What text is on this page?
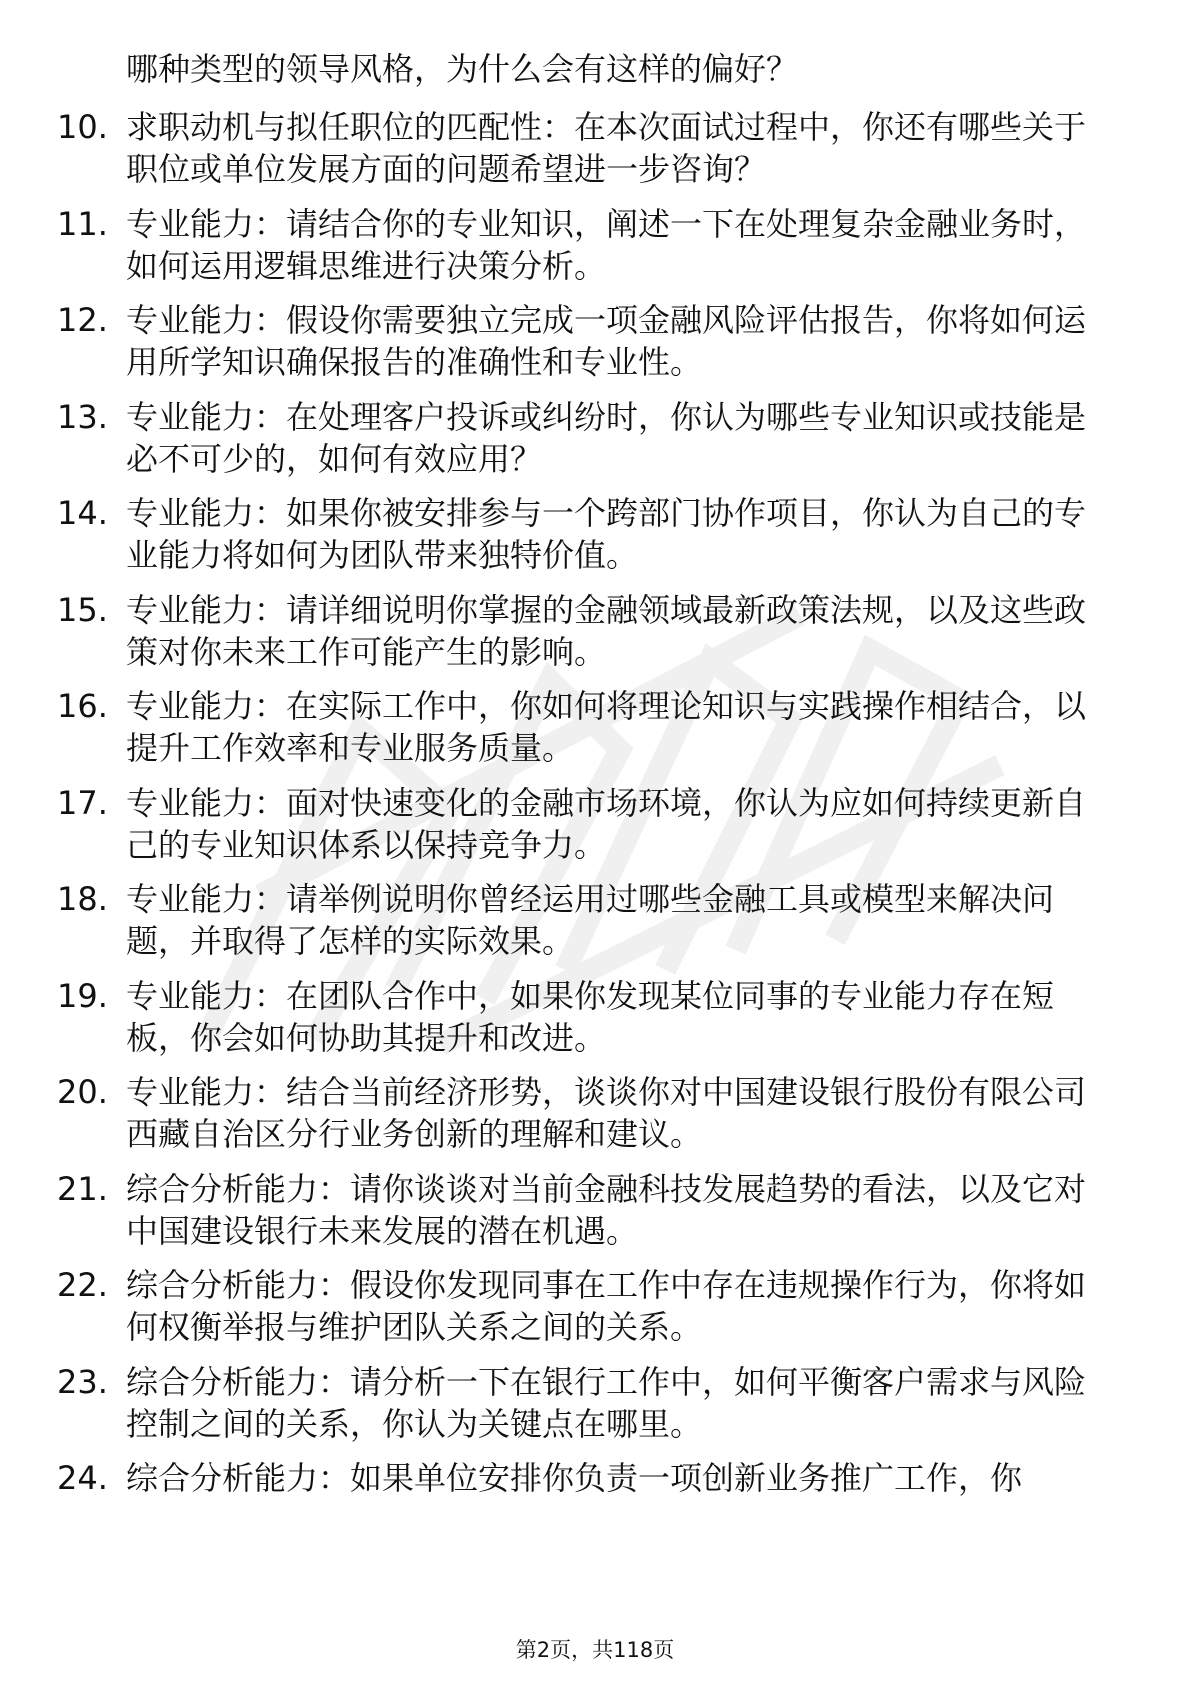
哪种类型的领导风格，为什么会有这样的偏好？

10. 求职动机与拟任职位的匹配性：在本次面试过程中，你还有哪些关于职位或单位发展方面的问题希望进一步咨询？
11. 专业能力：请结合你的专业知识，阐述一下在处理复杂金融业务时，如何运用逻辑思维进行决策分析。
12. 专业能力：假设你需要独立完成一项金融风险评估报告，你将如何运用所学知识确保报告的准确性和专业性。
13. 专业能力：在处理客户投诉或纠纷时，你认为哪些专业知识或技能是必不可少的，如何有效应用？
14. 专业能力：如果你被安排参与一个跨部门协作项目，你认为自己的专业能力将如何为团队带来独特价值。
15. 专业能力：请详细说明你掌握的金融领域最新政策法规，以及这些政策对你未来工作可能产生的影响。
16. 专业能力：在实际工作中，你如何将理论知识与实践操作相结合，以提升工作效率和专业服务质量。
17. 专业能力：面对快速变化的金融市场环境，你认为应如何持续更新自己的专业知识体系以保持竞争力。
18. 专业能力：请举例说明你曾经运用过哪些金融工具或模型来解决问题，并取得了怎样的实际效果。
19. 专业能力：在团队合作中，如果你发现某位同事的专业能力存在短板，你会如何协助其提升和改进。
20. 专业能力：结合当前经济形势，谈谈你对中国建设银行股份有限公司西藏自治区分行业务创新的理解和建议。
21. 综合分析能力：请你谈谈对当前金融科技发展趋势的看法，以及它对中国建设银行未来发展的潜在机遇。
22. 综合分析能力：假设你发现同事在工作中存在违规操作行为，你将如何权衡举报与维护团队关系之间的关系。
23. 综合分析能力：请分析一下在银行工作中，如何平衡客户需求与风险控制之间的关系，你认为关键点在哪里。
24. 综合分析能力：如果单位安排你负责一项创新业务推广工作，你
第2页，共118页
